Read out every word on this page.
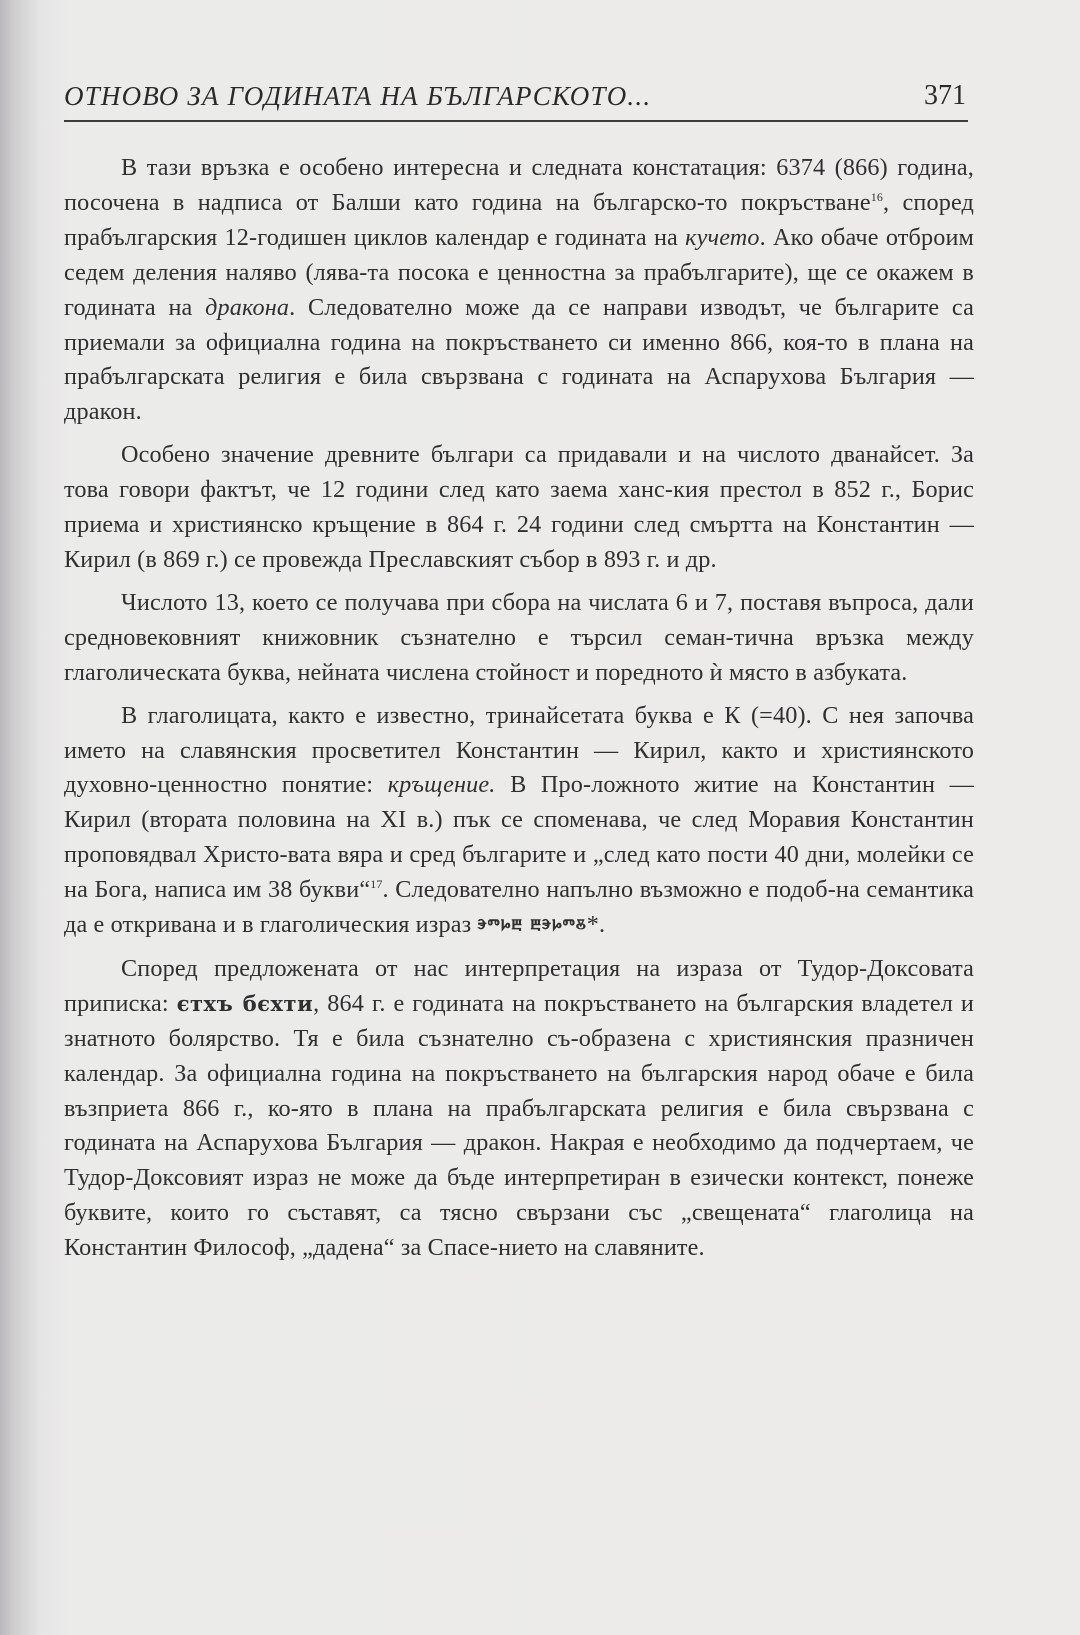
ОТНОВО ЗА ГОДИНАТА НА БЪЛГАРСКОТО...	371

В тази връзка е особено интересна и следната констатация: 6374 (866) година, посочена в надписа от Балши като година на българско-то покръстване$^{16}$, според прабългарския 12-годишен циклов календар е годината на кучето. Ако обаче отброим седем деления наляво (лява-та посока е ценностна за прабългарите), ще се окажем в годината на дракона. Следователно може да се направи изводът, че българите са приемали за официална година на покръстването си именно 866, коя-то в плана на прабългарската религия е била свързвана с годината на Аспарухова България — дракон.

Особено значение древните българи са придавали и на числото дванайсет. За това говори фактът, че 12 години след като заема ханс-кия престол в 852 г., Борис приема и християнско кръщение в 864 г. 24 години след смъртта на Константин — Кирил (в 869 г.) се провежда Преславският събор в 893 г. и др.

Числото 13, което се получава при сбора на числата 6 и 7, поставя въпроса, дали средновековният книжовник съзнателно е търсил семан-тична връзка между глаголическата буква, нейната числена стойност и поредното ѝ място в азбуката.

В глаголицата, както е известно, тринайсетата буква е К (=40). С нея започва името на славянския просветител Константин — Кирил, както и християнското духовно-ценностно понятие: кръщение. В Про-ложното житие на Константин — Кирил (втората половина на XI в.) пък се споменава, че след Моравия Константин проповядвал Христо-вата вяра и сред българите и „след като пости 40 дни, молейки се на Бога, написа им 38 букви“$^{17}$. Следователно напълно възможно е подоб-на семантика да е откривана и в глаголическия израз ⰵⱅⱈⰱ ⰱⰵⱈⱅⰻ*.

Според предложената от нас интерпретация на израза от Тудор-Доксовата приписка: єтхъ бєхти, 864 г. е годината на покръстването на българския владетел и знатното болярство. Тя е била съзнателно съ-образена с християнския празничен календар. За официална година на покръстването на българския народ обаче е била възприета 866 г., ко-ято в плана на прабългарската религия е била свързвана с годината на Аспарухова България — дракон. Накрая е необходимо да подчертаем, че Тудор-Доксовият израз не може да бъде интерпретиран в езически контекст, понеже буквите, които го съставят, са тясно свързани със „свещената“ глаголица на Константин Философ, „дадена“ за Спасе-нието на славяните.
